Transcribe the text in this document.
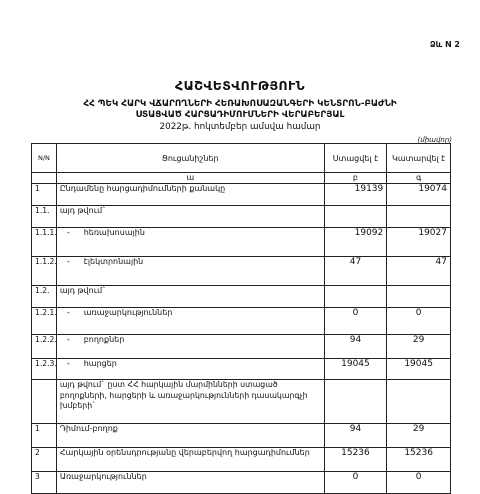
Ձև N 2
ՀԱՇՎԵՏՎՈՒԹՅՈՒՆ
ՀՀ ՊԵԿ ՀԱՐԿ ՎՃԱՐՈՂՆԵՐԻ ՀԵՌԱԽՈՍԱԶԱՆԳԵՐԻ ԿԵՆՏՐՈՆ-ԲԱԺՆԻ
ՍՏԱՑՎԱԾ ՀԱՐՑԱԴԻՄՈՒՄՆԵՐԻ ՎԵՐԱԲԵՐՅԱԼ
2022թ. հոկտեմբեր ամսվա համար
(միավոր)
N/N	Ցուցանիշներ	Ստացվել է	Կատարվել է
	ա	բ	գ
1	Ընդամենը հարցադիմումների քանակը	19139	19074
1.1.	այդ թվում`		
1.1.1.	- հեռախոսային	19092	19027
1.1.2.	- էլեկտրոնային	47	47
1.2.	այդ թվում`		
1.2.1.	- առաջարկություններ	0	0
1.2.2.	- բողոքներ	94	29
1.2.3.	- հարցեր	19045	19045
	այդ թվում` ըստ ՀՀ հարկային մարմինների ստացած բողոքների, հարցերի և առաջարկությունների դասակարգչի խմբերի`		
1	Դիմում-բողոք	94	29
2	Հարկային օրենսդրությանը վերաբերվող հարցադիմումներ	15236	15236
3	Առաջարկություններ	0	0
